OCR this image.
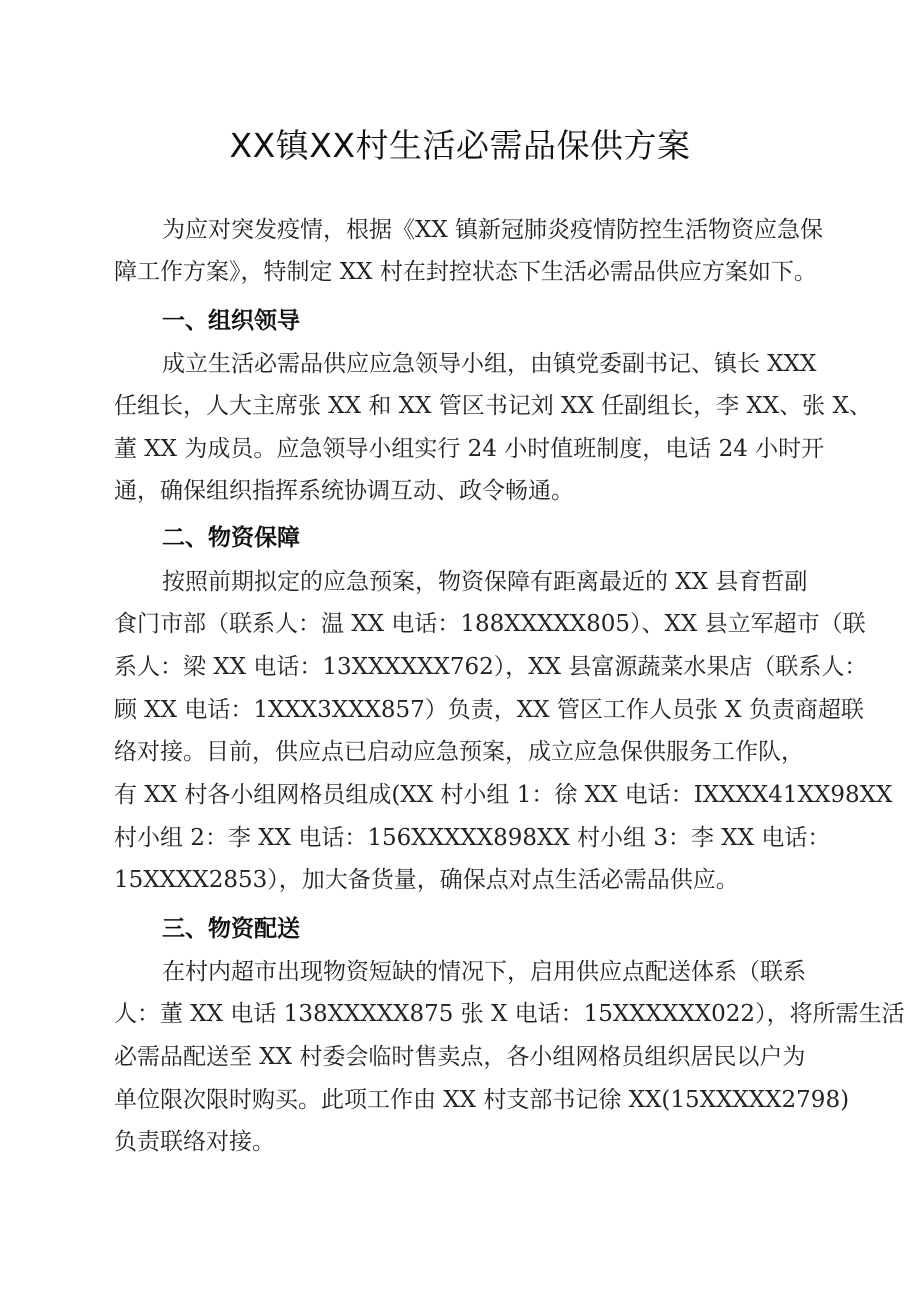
XX镇XX村生活必需品保供方案

为应对突发疫情，根据《XX 镇新冠肺炎疫情防控生活物资应急保

障工作方案》，特制定 XX 村在封控状态下生活必需品供应方案如下。

一、组织领导

成立生活必需品供应应急领导小组，由镇党委副书记、镇长 XXX

任组长，人大主席张 XX 和 XX 管区书记刘 XX 任副组长，李 XX、张 X、

董 XX 为成员。应急领导小组实行 24 小时值班制度，电话 24 小时开

通，确保组织指挥系统协调互动、政令畅通。

二、物资保障

按照前期拟定的应急预案，物资保障有距离最近的 XX 县育哲副

食门市部（联系人：温 XX 电话：188XXXXX805）、XX 县立军超市（联

系人：梁 XX 电话：13XXXXXX762），XX 县富源蔬菜水果店（联系人：

顾 XX 电话：1XXX3XXX857）负责，XX 管区工作人员张 X 负责商超联

络对接。目前，供应点已启动应急预案，成立应急保供服务工作队，

有 XX 村各小组网格员组成(XX 村小组 1：徐 XX 电话：IXXXX41XX98XX

村小组 2：李 XX 电话：156XXXXX898XX 村小组 3：李 XX 电话：

15XXXX2853），加大备货量，确保点对点生活必需品供应。

三、物资配送

在村内超市出现物资短缺的情况下，启用供应点配送体系（联系

人：董 XX 电话 138XXXXX875 张 X 电话：15XXXXXX022），将所需生活

必需品配送至 XX 村委会临时售卖点，各小组网格员组织居民以户为

单位限次限时购买。此项工作由 XX 村支部书记徐 XX(15XXXXX2798)

负责联络对接。
